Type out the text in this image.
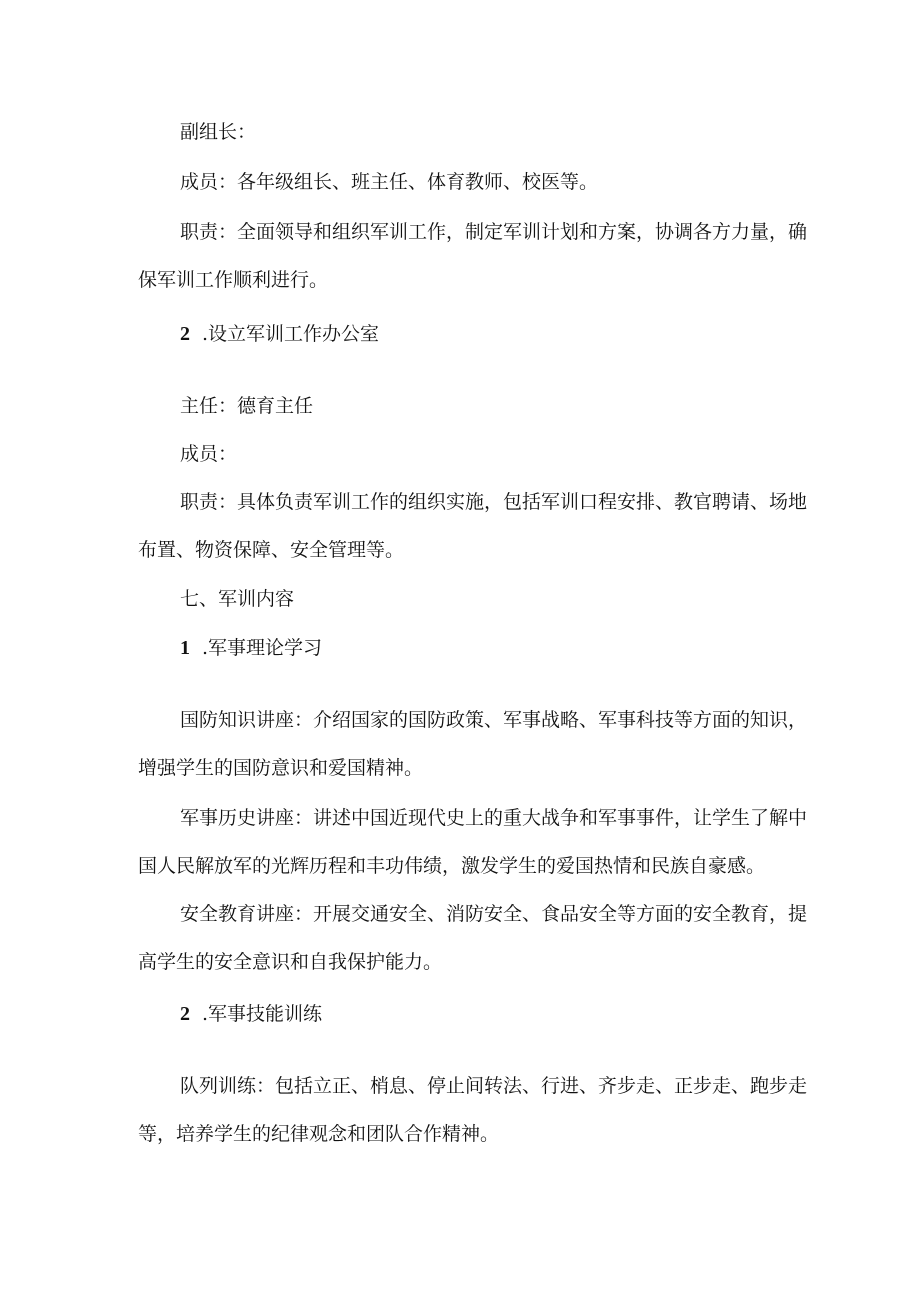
副组长：

成员：各年级组长、班主任、体育教师、校医等。

职责：全面领导和组织军训工作，制定军训计划和方案，协调各方力量，确

保军训工作顺利进行。

2 .设立军训工作办公室

主任：德育主任

成员：

职责：具体负责军训工作的组织实施，包括军训口程安排、教官聘请、场地

布置、物资保障、安全管理等。

七、军训内容

1 .军事理论学习

国防知识讲座：介绍国家的国防政策、军事战略、军事科技等方面的知识，

增强学生的国防意识和爱国精神。

军事历史讲座：讲述中国近现代史上的重大战争和军事事件，让学生了解中

国人民解放军的光辉历程和丰功伟绩，激发学生的爱国热情和民族自豪感。

安全教育讲座：开展交通安全、消防安全、食品安全等方面的安全教育，提

高学生的安全意识和自我保护能力。

2 .军事技能训练

队列训练：包括立正、梢息、停止间转法、行进、齐步走、正步走、跑步走

等，培养学生的纪律观念和团队合作精神。
